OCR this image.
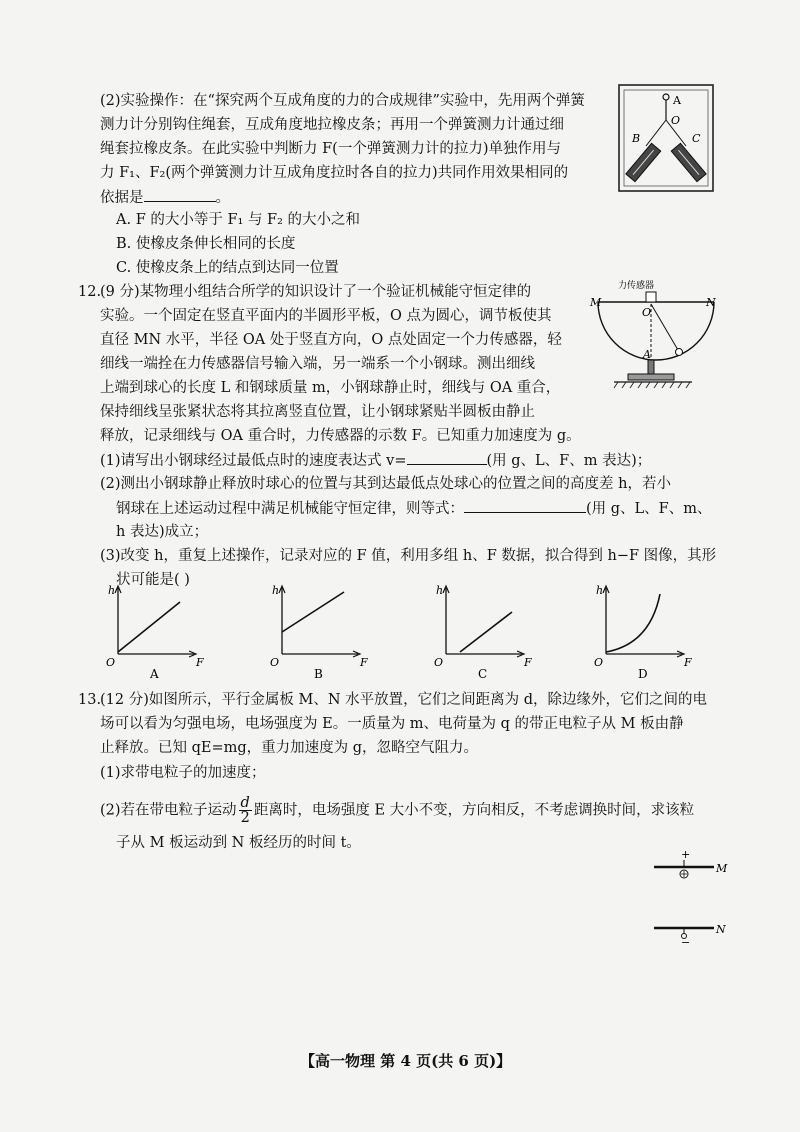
(2)实验操作：在“探究两个互成角度的力的合成规律”实验中，先用两个弹簧
测力计分别钩住绳套，互成角度地拉橡皮条；再用一个弹簧测力计通过细
绳套拉橡皮条。在此实验中判断力 F(一个弹簧测力计的拉力)单独作用与
力 F₁、F₂(两个弹簧测力计互成角度拉时各自的拉力)共同作用效果相同的
依据是	。
A. F 的大小等于 F₁ 与 F₂ 的大小之和
B. 使橡皮条伸长相同的长度
C. 使橡皮条上的结点到达同一位置
A
O
B	C
12.
(9 分)某物理小组结合所学的知识设计了一个验证机械能守恒定律的
实验。一个固定在竖直平面内的半圆形平板，O 点为圆心，调节板使其
直径 MN 水平，半径 OA 处于竖直方向，O 点处固定一个力传感器，轻
细线一端拴在力传感器信号输入端，另一端系一个小钢球。测出细线
上端到球心的长度 L 和钢球质量 m，小钢球静止时，细线与 OA 重合，
保持细线呈张紧状态将其拉离竖直位置，让小钢球紧贴半圆板由静止
释放，记录细线与 OA 重合时，力传感器的示数 F。已知重力加速度为 g。
(1)请写出小钢球经过最低点时的速度表达式 v=	(用 g、L、F、m 表达)；
(2)测出小钢球静止释放时球心的位置与其到达最低点处球心的位置之间的高度差 h，若小
钢球在上述运动过程中满足机械能守恒定律，则等式：	(用 g、L、F、m、
h 表达)成立；
(3)改变 h，重复上述操作，记录对应的 F 值，利用多组 h、F 数据，拟合得到 h−F 图像，其形
状可能是( )
力传感器
M	N
O
A
h
F
O
A
h
F
O
B
h
F
O
C
h
F
O
D
13.
(12 分)如图所示，平行金属板 M、N 水平放置，它们之间距离为 d，除边缘外，它们之间的电
场可以看为匀强电场，电场强度为 E。一质量为 m、电荷量为 q 的带正电粒子从 M 板由静
止释放。已知 qE=mg，重力加速度为 g，忽略空气阻力。
(1)求带电粒子的加速度；
(2)若在带电粒子运动 $\frac{d}{2}$ 距离时，电场强度 E 大小不变，方向相反，不考虑调换时间，求该粒
子从 M 板运动到 N 板经历的时间 t。
+
M
−
N
【高一物理 第 4 页(共 6 页)】
